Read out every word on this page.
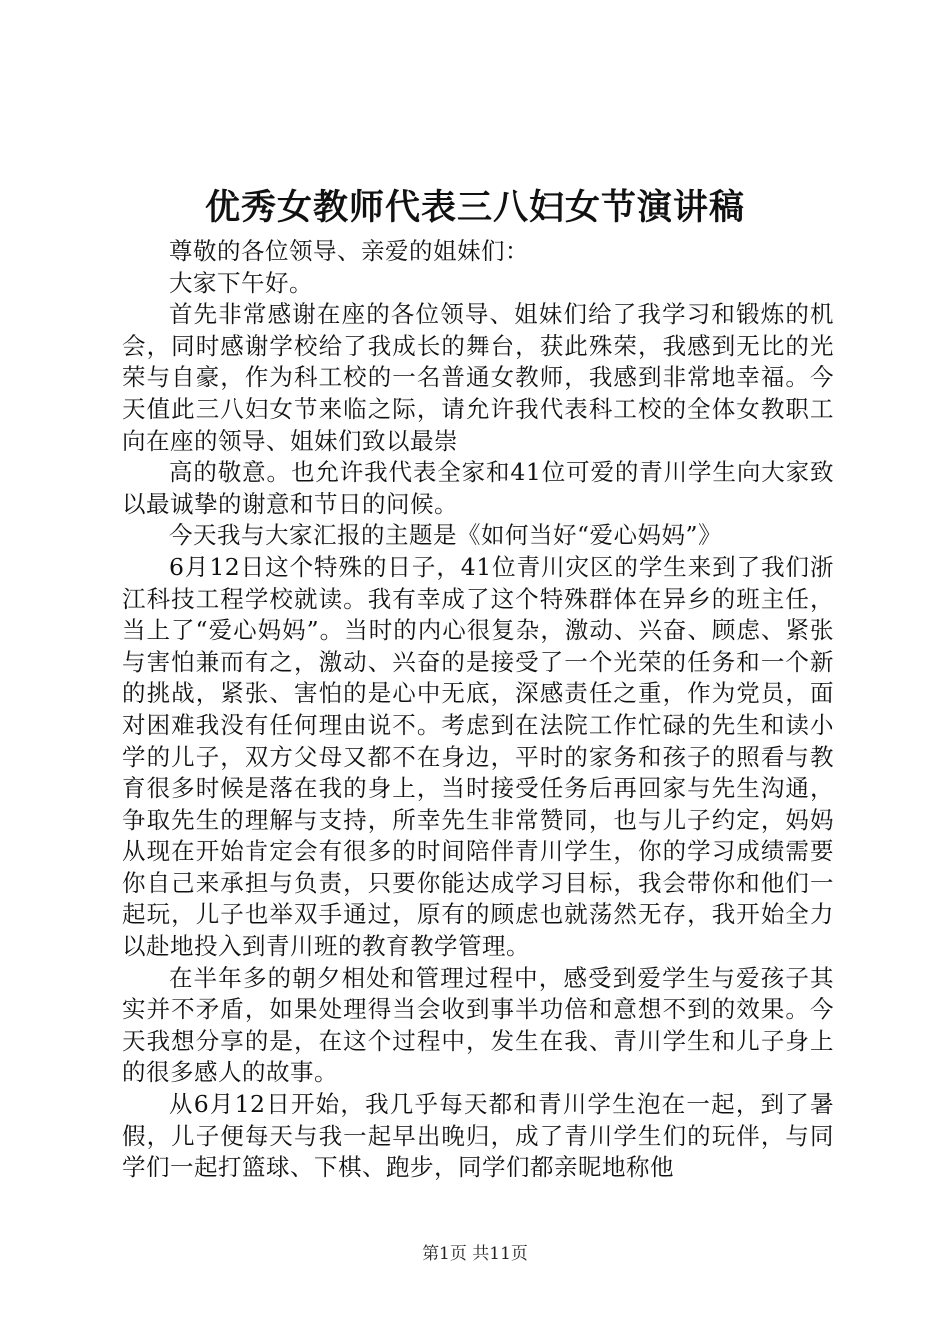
优秀女教师代表三八妇女节演讲稿

尊敬的各位领导、亲爱的姐妹们：

大家下午好。

首先非常感谢在座的各位领导、姐妹们给了我学习和锻炼的机会，同时感谢学校给了我成长的舞台，获此殊荣，我感到无比的光荣与自豪，作为科工校的一名普通女教师，我感到非常地幸福。今天值此三八妇女节来临之际，请允许我代表科工校的全体女教职工向在座的领导、姐妹们致以最崇

高的敬意。也允许我代表全家和41位可爱的青川学生向大家致以最诚挚的谢意和节日的问候。

今天我与大家汇报的主题是《如何当好“爱心妈妈”》

6月12日这个特殊的日子，41位青川灾区的学生来到了我们浙江科技工程学校就读。我有幸成了这个特殊群体在异乡的班主任，当上了“爱心妈妈”。当时的内心很复杂，激动、兴奋、顾虑、紧张与害怕兼而有之，激动、兴奋的是接受了一个光荣的任务和一个新的挑战，紧张、害怕的是心中无底，深感责任之重，作为党员，面对困难我没有任何理由说不。考虑到在法院工作忙碌的先生和读小学的儿子，双方父母又都不在身边，平时的家务和孩子的照看与教育很多时候是落在我的身上，当时接受任务后再回家与先生沟通，争取先生的理解与支持，所幸先生非常赞同，也与儿子约定，妈妈从现在开始肯定会有很多的时间陪伴青川学生，你的学习成绩需要你自己来承担与负责，只要你能达成学习目标，我会带你和他们一起玩，儿子也举双手通过，原有的顾虑也就荡然无存，我开始全力以赴地投入到青川班的教育教学管理。

在半年多的朝夕相处和管理过程中，感受到爱学生与爱孩子其实并不矛盾，如果处理得当会收到事半功倍和意想不到的效果。今天我想分享的是，在这个过程中，发生在我、青川学生和儿子身上的很多感人的故事。

从6月12日开始，我几乎每天都和青川学生泡在一起，到了暑假，儿子便每天与我一起早出晚归，成了青川学生们的玩伴，与同学们一起打篮球、下棋、跑步，同学们都亲昵地称他

第1页 共11页
